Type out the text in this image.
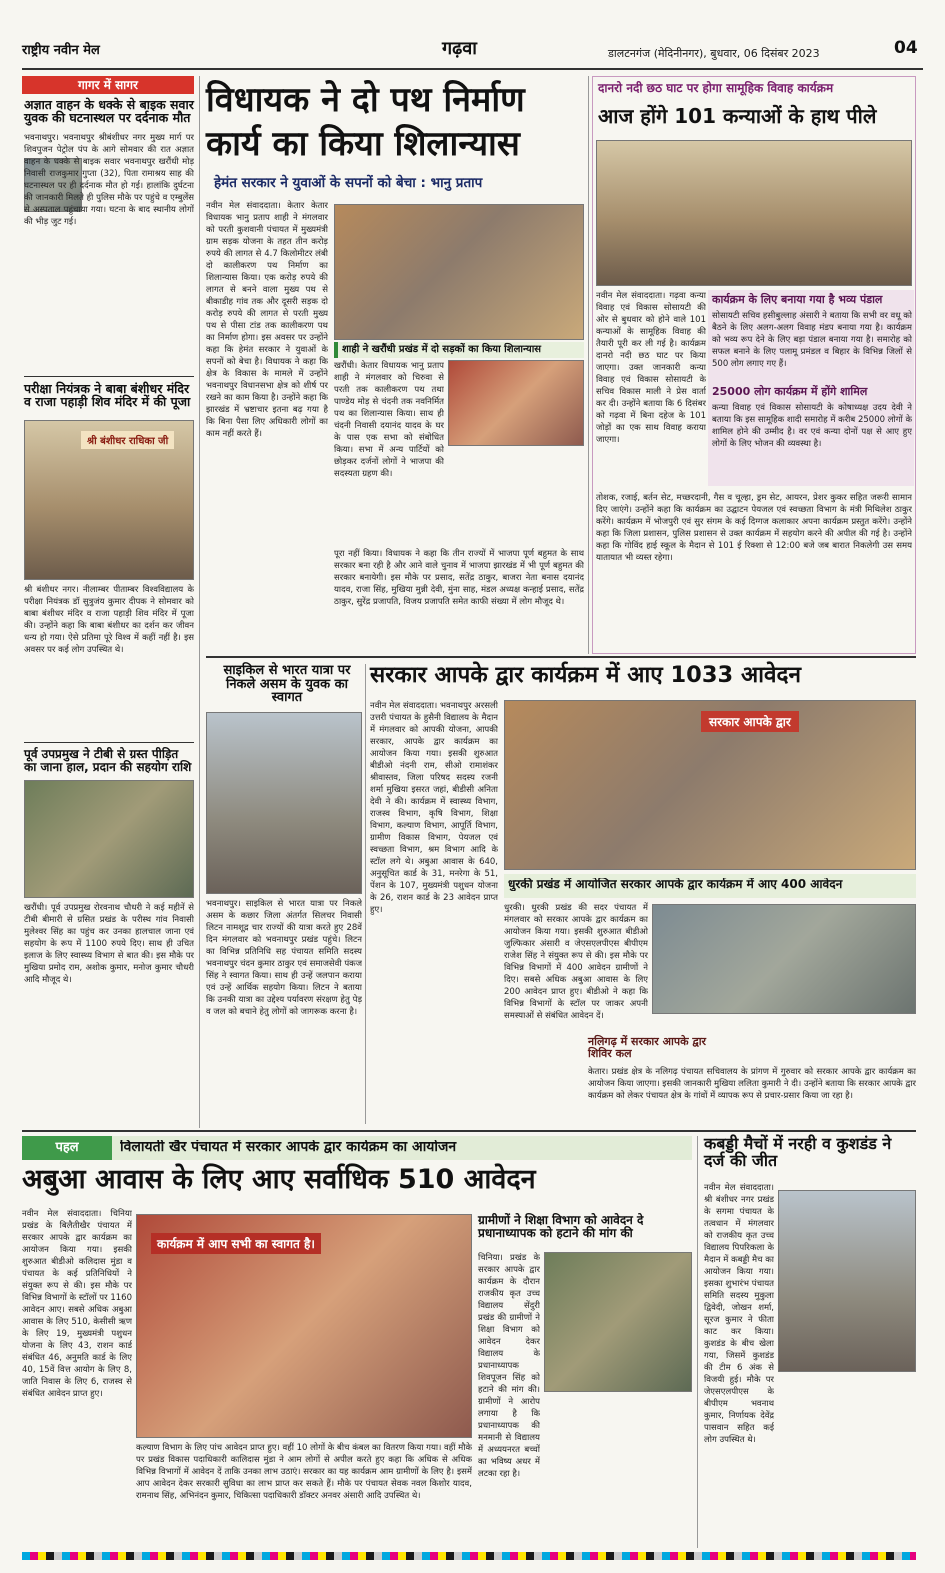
राष्ट्रीय नवीन मेल	गढ़वा	डालटनगंज (मेदिनीनगर), बुधवार, 06 दिसंबर 2023	04
गागर में सागर
अज्ञात वाहन के धक्के से बाइक सवार युवक की घटनास्थल पर दर्दनाक मौत
भवनाथपुर। भवनाथपुर श्रीबंशीधर नगर मुख्य मार्ग पर शिवपुजन पेट्रोल पंप के आगे सोमवार की रात अज्ञात वाहन के धक्के से बाइक सवार भवनाथपुर खरौंधी मोड़ निवासी राजकुमार गुप्ता (32), पिता रामाश्रय साह की घटनास्थल पर ही दर्दनाक मौत हो गई। हालांकि दुर्घटना की जानकारी मिलते ही पुलिस मौके पर पहुंचे व एम्बुलेंस से अस्पताल पहुंचाया गया। घटना के बाद स्थानीय लोगों की भीड़ जुट गई।
परीक्षा नियंत्रक ने बाबा बंशीधर मंदिर व राजा पहाड़ी शिव मंदिर में की पूजा
श्री बंशीधर राधिका जी
श्री बंशीधर नगर। नीलाम्बर पीताम्बर विश्वविद्यालय के परीक्षा नियंत्रक डॉ सुत्रुजंय कुमार दीपक ने सोमवार को बाबा बंशीधर मंदिर व राजा पहाड़ी शिव मंदिर में पूजा की। उन्होंने कहा कि बाबा बंशीधर का दर्शन कर जीवन धन्य हो गया। ऐसे प्रतिमा पूरे विश्व में कहीं नहीं है। इस अवसर पर कई लोग उपस्थित थे।
पूर्व उपप्रमुख ने टीबी से ग्रस्त पीड़ित का जाना हाल, प्रदान की सहयोग राशि
खरौंधी। पूर्व उपप्रमुख रोरवनाथ चौधरी ने कई महीनें से टीबी बीमारी से ग्रसित प्रखंड के परीस्थ गांव निवासी मुलेश्वर सिंह का पहुंच कर उनका हालचाल जाना एवं सहयोग के रूप में 1100 रुपये दिए। साथ ही उचित इलाज के लिए स्वास्थ्य विभाग से बात की। इस मौके पर मुखिया प्रमोद राम, अशोक कुमार, मनोज कुमार चौधरी आदि मौजूद थे।
विधायक ने दो पथ निर्माण कार्य का किया शिलान्यास
हेमंत सरकार ने युवाओं के सपनों को बेचा : भानु प्रताप
नवीन मेल संवाददाता। केतार केतार विधायक भानु प्रताप शाही ने मंगलवार को परती कुशवानी पंचायत में मुख्यमंत्री ग्राम सड़क योजना के तहत तीन करोड़ रुपये की लागत से 4.7 किलोमीटर लंबी दो कालीकरण पथ निर्माण का शिलान्यास किया। एक करोड़ रुपये की लागत से बनने वाला मुख्य पथ से बीकाडीह गांव तक और दूसरी सड़क दो करोड़ रुपये की लागत से परती मुख्य पथ से पीसा टांड तक कालीकरण पथ का निर्माण होगा। इस अवसर पर उन्होंने कहा कि हेमंत सरकार ने युवाओं के सपनों को बेचा है। विधायक ने कहा कि क्षेत्र के विकास के मामले में उन्होंने भवनाथपुर विधानसभा क्षेत्र को शीर्ष पर रखने का काम किया है। उन्होंने कहा कि झारखंड में भ्रष्टाचार इतना बढ़ गया है कि बिना पैसा लिए अधिकारी लोगों का काम नहीं करते हैं।
शाही ने खरौंधी प्रखंड में दो सड़कों का किया शिलान्यास
खरौंधी। केतार विधायक भानु प्रताप शाही ने मंगलवार को चिरुवा से परती तक कालीकरण पथ तथा पाण्डेय मोड़ से चंदनी तक नवनिर्मित पथ का शिलान्यास किया। साथ ही चंदनी निवासी दयानंद यादव के घर के पास एक सभा को संबोधित किया। सभा में अन्य पार्टियों को छोड़कर दर्जनों लोगों ने भाजपा की सदस्यता ग्रहण की।
पूरा नहीं किया। विधायक ने कहा कि तीन राज्यों में भाजपा पूर्ण बहुमत के साथ सरकार बना रही है और आने वाले चुनाव में भाजपा झारखंड में भी पूर्ण बहुमत की सरकार बनायेगी। इस मौके पर प्रसाद, सतेंद्र ठाकुर, बाजरा नेता बनास दयानंद यादव, राजा सिंह, मुखिया मुन्नी देवी, मुंना साह, मंडल अध्यक्ष कन्हाई प्रसाद, सतेंद्र ठाकुर, सुरेंद्र प्रजापति, विजय प्रजापति समेत काफी संख्या में लोग मौजूद थे।
दानरो नदी छठ घाट पर होगा सामूहिक विवाह कार्यक्रम
आज होंगे 101 कन्याओं के हाथ पीले
नवीन मेल संवाददाता। गढ़वा कन्या विवाह एवं विकास सोसायटी की ओर से बुधवार को होने वाले 101 कन्याओं के सामूहिक विवाह की तैयारी पूरी कर ली गई है। कार्यक्रम दानरो नदी छठ घाट पर किया जाएगा। उक्त जानकारी कन्या विवाह एवं विकास सोसायटी के सचिव विकास माली ने प्रेस वार्ता कर दी। उन्होंने बताया कि 6 दिसंबर को गढ़वा में बिना दहेज के 101 जोड़ों का एक साथ विवाह कराया जाएगा।
कार्यक्रम के लिए बनाया गया है भव्य पंडाल
सोसायटी सचिव हसीबुल्लाह अंसारी ने बताया कि सभी वर वधू को बैठने के लिए अलग-अलग विवाह मंडप बनाया गया है। कार्यक्रम को भव्य रूप देने के लिए बड़ा पंडाल बनाया गया है। समारोह को सफल बनाने के लिए पलामू प्रमंडल व बिहार के विभिन्न जिलों से 500 लोग लगाए गए हैं।
25000 लोग कार्यक्रम में होंगे शामिल
कन्या विवाह एवं विकास सोसायटी के कोषाध्यक्ष उदय देवी ने बताया कि इस सामूहिक शादी समारोह में करीब 25000 लोगों के शामिल होने की उम्मीद है। वर एवं कन्या दोनों पक्ष से आए हुए लोगों के लिए भोजन की व्यवस्था है।
तोशक, रजाई, बर्तन सेट, मच्छरदानी, गैस व चूल्हा, ड्रम सेट, आयरन, प्रेशर कुकर सहित जरूरी सामान दिए जाएंगे। उन्होंने कहा कि कार्यक्रम का उद्घाटन पेयजल एवं स्वच्छता विभाग के मंत्री मिथिलेश ठाकुर करेंगे। कार्यक्रम में भोजपुरी एवं सुर संगम के कई दिग्गज कलाकार अपना कार्यक्रम प्रस्तुत करेंगे। उन्होंने कहा कि जिला प्रशासन, पुलिस प्रशासन से उक्त कार्यक्रम में सहयोग करने की अपील की गई है। उन्होंने कहा कि गोविंद हाई स्कूल के मैदान से 101 ई रिक्शा से 12:00 बजे जब बारात निकलेगी उस समय यातायात भी व्यस्त रहेगा।
साइकिल से भारत यात्रा पर निकले असम के युवक का स्वागत
भवनाथपुर। साइकिल से भारत यात्रा पर निकले असम के कछार जिला अंतर्गत सिलचर निवासी लिटन नामशूद्र चार राज्यों की यात्रा करते हुए 28वें दिन मंगलवार को भवनाथपुर प्रखंड पहुंचे। लिटन का विभिन्न प्रतिनिधि सह पंचायत समिति सदस्य भवनाथपुर चंदन कुमार ठाकुर एवं समाजसेवी पंकज सिंह ने स्वागत किया। साथ ही उन्हें जलपान कराया एवं उन्हें आर्थिक सहयोग किया। लिटन ने बताया कि उनकी यात्रा का उद्देश्य पर्यावरण संरक्षण हेतु पेड़ व जल को बचाने हेतु लोगों को जागरूक करना है।
सरकार आपके द्वार कार्यक्रम में आए 1033 आवेदन
नवीन मेल संवाददाता। भवनाथपुर अरसली उत्तरी पंचायत के हुसैनी विद्यालय के मैदान में मंगलवार को आपकी योजना, आपकी सरकार, आपके द्वार कार्यक्रम का आयोजन किया गया। इसकी शुरुआत बीडीओ नंदनी राम, सीओ रामाशंकर श्रीवास्तव, जिला परिषद सदस्य रजनी शर्मा मुखिया इसरत जहां, बीडीसी अनिता देवी ने की। कार्यक्रम में स्वास्थ्य विभाग, राजस्व विभाग, कृषि विभाग, शिक्षा विभाग, कल्याण विभाग, आपूर्ति विभाग, ग्रामीण विकास विभाग, पेयजल एवं स्वच्छता विभाग, श्रम विभाग आदि के स्टॉल लगे थे। अबुआ आवास के 640, अनुसूचित कार्ड के 31, मनरेगा के 51, पेंशन के 107, मुख्यमंत्री पशुधन योजना के 26, राशन कार्ड के 23 आवेदन प्राप्त हुए।
सरकार आपके द्वार
धुरकी प्रखंड में आयोजित सरकार आपके द्वार कार्यक्रम में आए 400 आवेदन
धुरकी। धुरकी प्रखंड की सदर पंचायत में मंगलवार को सरकार आपके द्वार कार्यक्रम का आयोजन किया गया। इसकी शुरुआत बीडीओ जुल्फिकार अंसारी व जेएसएलपीएस बीपीएम राजेश सिंह ने संयुक्त रूप से की। इस मौके पर विभिन्न विभागों में 400 आवेदन ग्रामीणों ने दिए। सबसे अधिक अबुआ आवास के लिए 200 आवेदन प्राप्त हुए। बीडीओ ने कहा कि विभिन्न विभागों के स्टॉल पर जाकर अपनी समस्याओं से संबंधित आवेदन दें।
नलिगढ़ में सरकार आपके द्वार शिविर कल
केतार। प्रखंड क्षेत्र के नलिगढ़ पंचायत सचिवालय के प्रांगण में गुरुवार को सरकार आपके द्वार कार्यक्रम का आयोजन किया जाएगा। इसकी जानकारी मुखिया ललिता कुमारी ने दी। उन्होंने बताया कि सरकार आपके द्वार कार्यक्रम को लेकर पंचायत क्षेत्र के गांवों में व्यापक रूप से प्रचार-प्रसार किया जा रहा है।
पहल	विलायती खैर पंचायत में सरकार आपके द्वार कार्यक्रम का आयोजन
अबुआ आवास के लिए आए सर्वाधिक 510 आवेदन
नवीन मेल संवाददाता। चिनिया प्रखंड के बिलैतीखैर पंचायत में सरकार आपके द्वार कार्यक्रम का आयोजन किया गया। इसकी शुरुआत बीडीओ कलिदास मुंडा व पंचायत के कई प्रतिनिधियों ने संयुक्त रूप से की। इस मौके पर विभिन्न विभागों के स्टॉलों पर 1160 आवेदन आए। सबसे अधिक अबुआ आवास के लिए 510, केसीसी ऋण के लिए 19, मुख्यमंत्री पशुधन योजना के लिए 43, राशन कार्ड संबंधित 46, अनुमति कार्ड के लिए 40, 15वें वित्त आयोग के लिए 8, जाति निवास के लिए 6, राजस्व से संबंधित आवेदन प्राप्त हुए।
कार्यक्रम में आप सभी का स्वागत है।
कल्याण विभाग के लिए पांच आवेदन प्राप्त हुए। वहीं 10 लोगों के बीच कंबल का वितरण किया गया। वहीं मौके पर प्रखंड विकास पदाधिकारी कालिदास मुंडा ने आम लोगों से अपील करते हुए कहा कि अधिक से अधिक विभिन्न विभागों में आवेदन दें ताकि उनका लाभ उठाएं। सरकार का यह कार्यक्रम आम ग्रामीणों के लिए है। इसमें आप आवेदन देकर सरकारी सुविधा का लाभ प्राप्त कर सकते हैं। मौके पर पंचायत सेवक नवल किशोर यादव, रामनाथ सिंह, अभिनंदन कुमार, चिकित्सा पदाधिकारी डॉक्टर अनवर अंसारी आदि उपस्थित थे।
ग्रामीणों ने शिक्षा विभाग को आवेदन दे प्रधानाध्यापक को हटाने की मांग की
चिनिया। प्रखंड के सरकार आपके द्वार कार्यक्रम के दौरान राजकीय कृत उच्च विद्यालय सेंदुरी प्रखंड की ग्रामीणों ने शिक्षा विभाग को आवेदन देकर विद्यालय के प्रधानाध्यापक शिवपूजन सिंह को हटाने की मांग की। ग्रामीणों ने आरोप लगाया है कि प्रधानाध्यापक की मनमानी से विद्यालय में अध्ययनरत बच्चों का भविष्य अधर में लटका रहा है।
कबड्डी मैचों में नरही व कुशडंड ने दर्ज की जीत
नवीन मेल संवाददाता। श्री बंशीधर नगर प्रखंड के सगमा पंचायत के तत्वधान में मंगलवार को राजकीय कृत उच्च विद्यालय पिपरिकला के मैदान में कबड्डी मैच का आयोजन किया गया। इसका शुभारंभ पंचायत समिति सदस्य मुकुला द्विवेदी, जोखन शर्मा, सूरज कुमार ने फीता काट कर किया। कुशडंड के बीच खेला गया, जिसमें कुशडंड की टीम 6 अंक से विजयी हुई। मौके पर जेएसएलपीएस के बीपीएम भवनाथ कुमार, निर्णायक देवेंद्र पासवान सहित कई लोग उपस्थित थे।
